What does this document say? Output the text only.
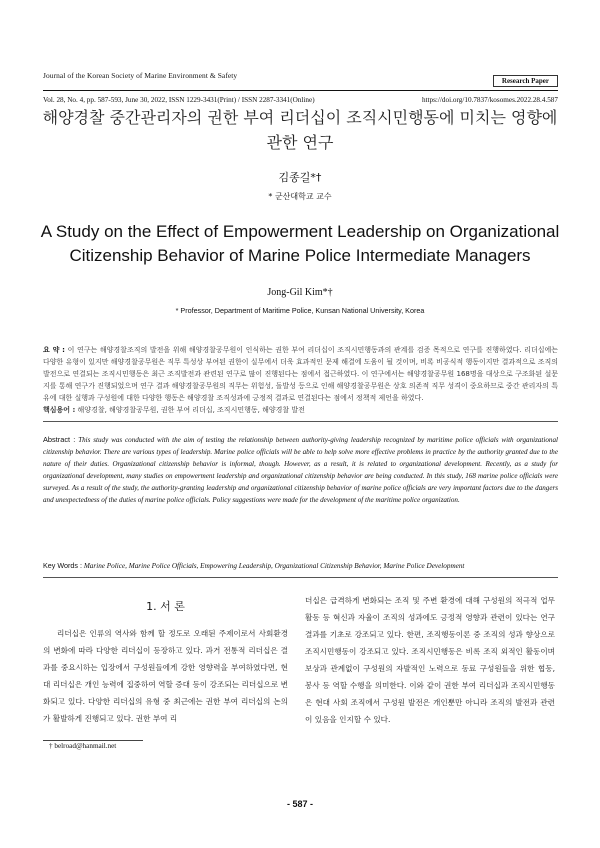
Journal of the Korean Society of Marine Environment & Safety
Research Paper
Vol. 28, No. 4, pp. 587-593, June 30, 2022, ISSN 1229-3431(Print) / ISSN 2287-3341(Online)	https://doi.org/10.7837/kosomes.2022.28.4.587
해양경찰 중간관리자의 권한 부여 리더십이 조직시민행동에 미치는 영향에 관한 연구
김종길*†
* 군산대학교 교수
A Study on the Effect of Empowerment Leadership on Organizational Citizenship Behavior of Marine Police Intermediate Managers
Jong-Gil Kim*†
* Professor, Department of Maritime Police, Kunsan National University, Korea
요 약 : 이 연구는 해양경찰조직의 발전을 위해 해양경찰공무원이 인식하는 권한 부여 리더십이 조직시민행동과의 관계를 검증 목적으로 연구를 진행하였다. 리더십에는 다양한 유형이 있지만 해양경찰공무원은 직무 특성상 부여된 권한이 실무에서 더욱 효과적인 문제 해결에 도움이 될 것이며, 비록 비공식적 행동이지만 결과적으로 조직의 발전으로 연결되는 조직시민행동은 최근 조직발전과 관련된 연구로 많이 진행된다는 점에서 접근하였다. 이 연구에서는 해양경찰공무원 168명을 대상으로 구조화된 설문지를 통해 연구가 진행되었으며 연구 결과 해양경찰공무원의 직무는 위험성, 돌발성 등으로 인해 해양경찰공무원은 상호 의존적 직무 성격이 중요하므로 중간 관리자의 특유에 대한 실행과 구성원에 대한 다양한 행동은 해양경찰 조직성과에 긍정적 결과로 연결된다는 점에서 정책적 제언을 하였다.
핵심용어 : 해양경찰, 해양경찰공무원, 권한 부여 리더십, 조직시민행동, 해양경찰 발전
Abstract : This study was conducted with the aim of testing the relationship between authority-giving leadership recognized by maritime police officials with organizational citizenship behavior. There are various types of leadership. Marine police officials will be able to help solve more effective problems in practice by the authority granted due to the nature of their duties. Organizational citizenship behavior is informal, though. However, as a result, it is related to organizational development. Recently, as a study for organizational development, many studies on empowerment leadership and organizational citizenship behavior are being conducted. In this study, 168 marine police officials were surveyed. As a result of the study, the authority-granting leadership and organizational citizenship behavior of marine police officials are very important factors due to the dangers and unexpectedness of the duties of marine police officials. Policy suggestions were made for the development of the maritime police organization.
Key Words : Marine Police, Marine Police Officials, Empowering Leadership, Organizational Citizenship Behavior, Marine Police Development
1. 서 론
리더십은 인류의 역사와 함께 할 정도로 오래된 주제이로서 사회환경의 변화에 따라 다양한 리더십이 등장하고 있다. 과거 전통적 리더십은 결과를 중요시하는 입장에서 구성원들에게 강한 영향력을 부여하였다면, 현대 리더십은 개인 능력에 집중하여 역할 증대 등이 강조되는 리더십으로 변화되고 있다. 다양한 리더십의 유형 중 최근에는 권한 부여 리더십의 논의가 활발하게 진행되고 있다. 권한 부여 리
더십은 급격하게 변화되는 조직 및 주변 환경에 대해 구성원의 적극적 업무 활동 등 혁신과 자율이 조직의 성과에도 긍정적 영향과 관련이 있다는 연구 결과를 기초로 강조되고 있다. 한편, 조직행동이론 중 조직의 성과 향상으로 조직시민행동이 강조되고 있다. 조직시민행동은 비록 조직 외적인 활동이며 보상과 관계없이 구성원의 자발적인 노력으로 동료 구성원들을 위한 협동, 봉사 등 역할 수행을 의미한다. 이와 같이 권한 부여 리더십과 조직시민행동은 현대 사회 조직에서 구성원 발전은 개인뿐만 아니라 조직의 발전과 관련이 있음을 인지할 수 있다.
† belroad@hanmail.net
- 587 -
